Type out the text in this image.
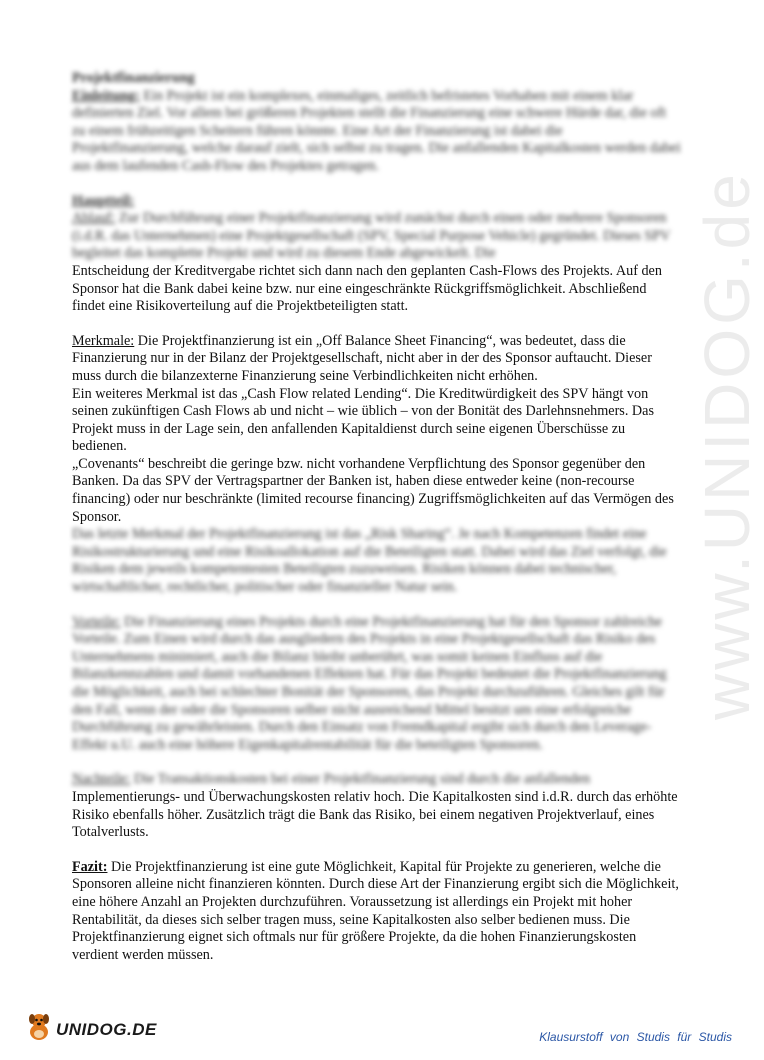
www.UNIDOG.de

Projektfinanzierung

Einleitung: Ein Projekt ist ein komplexes, einmaliges, zeitlich befristetes Vorhaben mit einem klar definierten Ziel. Vor allem bei größeren Projekten stellt die Finanzierung eine schwere Hürde dar, die oft zu einem frühzeitigen Scheitern führen könnte. Eine Art der Finanzierung ist dabei die Projektfinanzierung, welche darauf zielt, sich selbst zu tragen. Die anfallenden Kapitalkosten werden dabei aus dem laufenden Cash-Flow des Projektes getragen.

Hauptteil:

Ablauf: Zur Durchführung einer Projektfinanzierung wird zunächst durch einen oder mehrere Sponsoren (i.d.R. das Unternehmen) eine Projektgesellschaft (SPV, Special Purpose Vehicle) gegründet. Dieses SPV begleitet das komplette Projekt und wird zu diesem Ende abgewickelt. Die

Entscheidung der Kreditvergabe richtet sich dann nach den geplanten Cash-Flows des Projekts. Auf den Sponsor hat die Bank dabei keine bzw. nur eine eingeschränkte Rückgriffsmöglichkeit. Abschließend findet eine Risikoverteilung auf die Projektbeteiligten statt.

Merkmale: Die Projektfinanzierung ist ein „Off Balance Sheet Financing“, was bedeutet, dass die Finanzierung nur in der Bilanz der Projektgesellschaft, nicht aber in der des Sponsor auftaucht. Dieser muss durch die bilanzexterne Finanzierung seine Verbindlichkeiten nicht erhöhen.

Ein weiteres Merkmal ist das „Cash Flow related Lending“. Die Kreditwürdigkeit des SPV hängt von seinen zukünftigen Cash Flows ab und nicht – wie üblich – von der Bonität des Darlehnsnehmers. Das Projekt muss in der Lage sein, den anfallenden Kapitaldienst durch seine eigenen Überschüsse zu bedienen.

„Covenants“ beschreibt die geringe bzw. nicht vorhandene Verpflichtung des Sponsor gegenüber den Banken. Da das SPV der Vertragspartner der Banken ist, haben diese entweder keine (non-recourse financing) oder nur beschränkte (limited recourse financing) Zugriffsmöglichkeiten auf das Vermögen des Sponsor.

Das letzte Merkmal der Projektfinanzierung ist das „Risk Sharing“. Je nach Kompetenzen findet eine Risikostrukturierung und eine Risikoallokation auf die Beteiligten statt. Dabei wird das Ziel verfolgt, die Risiken dem jeweils kompetentesten Beteiligten zuzuweisen. Risiken können dabei technischer, wirtschaftlicher, rechtlicher, politischer oder finanzieller Natur sein.

Vorteile: Die Finanzierung eines Projekts durch eine Projektfinanzierung hat für den Sponsor zahlreiche Vorteile. Zum Einen wird durch das ausgliedern des Projekts in eine Projektgesellschaft das Risiko des Unternehmens minimiert, auch die Bilanz bleibt unberührt, was somit keinen Einfluss auf die Bilanzkennzahlen und damit vorhandenen Effekten hat. Für das Projekt bedeutet die Projektfinanzierung die Möglichkeit, auch bei schlechter Bonität der Sponsoren, das Projekt durchzuführen. Gleiches gilt für den Fall, wenn der oder die Sponsoren selber nicht ausreichend Mittel besitzt um eine erfolgreiche Durchführung zu gewährleisten. Durch den Einsatz von Fremdkapital ergibt sich durch den Leverage-Effekt u.U. auch eine höhere Eigenkapitalrentabilität für die beteiligten Sponsoren.

Nachteile: Die Transaktionskosten bei einer Projektfinanzierung sind durch die anfallenden

Implementierungs- und Überwachungskosten relativ hoch. Die Kapitalkosten sind i.d.R. durch das erhöhte Risiko ebenfalls höher. Zusätzlich trägt die Bank das Risiko, bei einem negativen Projektverlauf, eines Totalverlusts.

Fazit: Die Projektfinanzierung ist eine gute Möglichkeit, Kapital für Projekte zu generieren, welche die Sponsoren alleine nicht finanzieren könnten. Durch diese Art der Finanzierung ergibt sich die Möglichkeit, eine höhere Anzahl an Projekten durchzuführen. Voraussetzung ist allerdings ein Projekt mit hoher Rentabilität, da dieses sich selber tragen muss, seine Kapitalkosten also selber bedienen muss. Die Projektfinanzierung eignet sich oftmals nur für größere Projekte, da die hohen Finanzierungskosten verdient werden müssen.

UNIDOG.DE	Klausurstoff von Studis für Studis
